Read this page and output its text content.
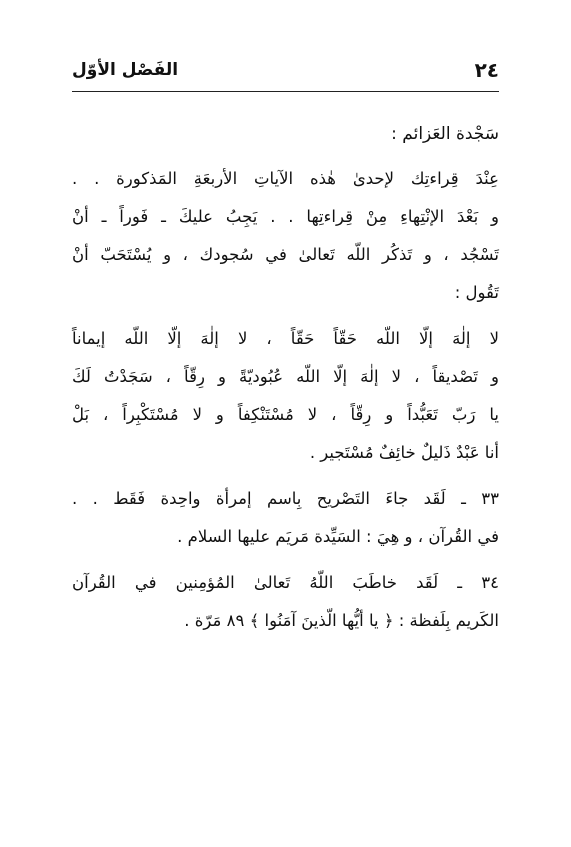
٢٤
الفَصْل الأوّل
سَجْدة العَزائم :
عِنْدَ قِراءتِك لإحدىٰ هٰذه الآياتِ الأربعَةِ المَذكورة . .
و بَعْدَ الإنْتِهاءِ مِنْ قِراءتِها . . يَجِبُ عليكَ ـ فَوراً ـ أنْ
تَسْجُد ، و تَذكُر اللّه تَعالىٰ في سُجودك ، و يُسْتَحَبّ أنْ
تَقُول :
لا إلٰهَ إلّا اللّه حَقّاً حَقّاً ، لا إلٰهَ إلّا اللّه إيماناً
و تَصْديقاً ، لا إلٰهَ إلّا اللّه عُبُوديّةً و رِقّاً ، سَجَدْتُ لَكَ
يا رَبّ تَعَبُّداً و رِقّاً ، لا مُسْتَنْكِفاً و لا مُسْتَكْبِراً ، بَلْ
أنا عَبْدٌ ذَليلٌ خائِفٌ مُسْتَجير .
٣٣ ـ لَقَد جاءَ التَصْريح بِاسم إمرأة واحِدة فَقَط . .
في القُرآن ، و هِيَ : السَيِّدة مَريَم عليها السلام .
٣٤ ـ لَقَد خاطَبَ اللّهُ تَعالىٰ المُؤمِنين في القُرآن
الكَريم بِلَفظة : ﴿ يا أيُّها الّذينَ آمَنُوا ﴾ ٨٩ مَرّة .
